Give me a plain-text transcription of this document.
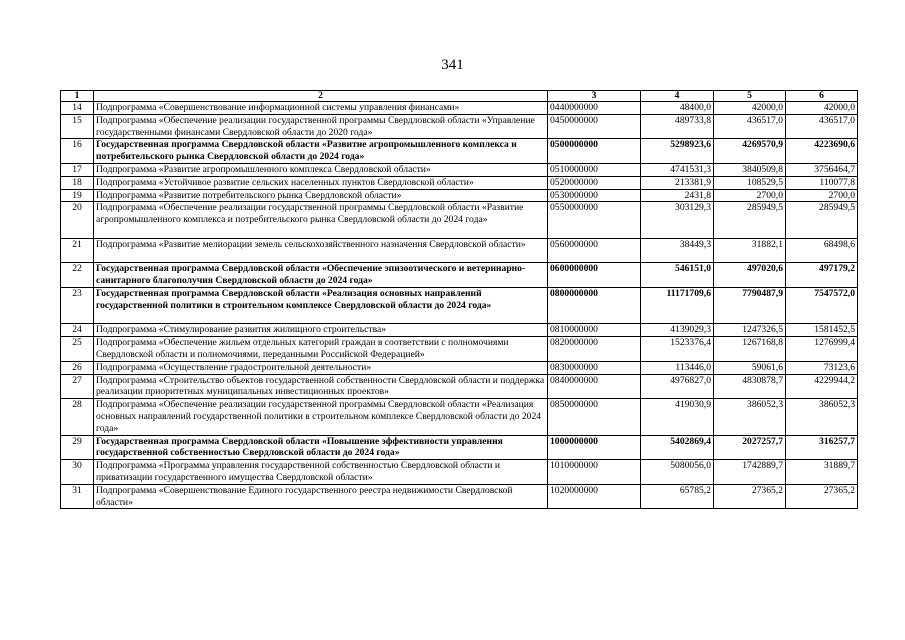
341
1	2	3	4	5	6
14	Подпрограмма «Совершенствование информационной системы управления финансами»	0440000000	48400,0	42000,0	42000,0
15	Подпрограмма «Обеспечение реализации государственной программы Свердловской области «Управление государственными финансами Свердловской области до 2020 года»	0450000000	489733,8	436517,0	436517,0
16	Государственная программа Свердловской области «Развитие агропромышленного комплекса и потребительского рынка Свердловской области до 2024 года»	0500000000	5298923,6	4269570,9	4223690,6
17	Подпрограмма «Развитие агропромышленного комплекса Свердловской области»	0510000000	4741531,3	3840509,8	3756464,7
18	Подпрограмма «Устойчивое развитие сельских населенных пунктов Свердловской области»	0520000000	213381,9	108529,5	110077,8
19	Подпрограмма «Развитие потребительского рынка Свердловской области»	0530000000	2431,8	2700,0	2700,0
20	Подпрограмма «Обеспечение реализации государственной программы Свердловской области «Развитие агропромышленного комплекса и потребительского рынка Свердловской области до 2024 года»	0550000000	303129,3	285949,5	285949,5
21	Подпрограмма «Развитие мелиорации земель сельскохозяйственного назначения Свердловской области»	0560000000	38449,3	31882,1	68498,6
22	Государственная программа Свердловской области «Обеспечение эпизоотического и ветеринарно-санитарного благополучия Свердловской области до 2024 года»	0600000000	546151,0	497020,6	497179,2
23	Государственная программа Свердловской области «Реализация основных направлений государственной политики в строительном комплексе Свердловской области до 2024 года»	0800000000	11171709,6	7790487,9	7547572,0
24	Подпрограмма «Стимулирование развития жилищного строительства»	0810000000	4139029,3	1247326,5	1581452,5
25	Подпрограмма «Обеспечение жильем отдельных категорий граждан в соответствии с полномочиями Свердловской области и полномочиями, переданными Российской Федерацией»	0820000000	1523376,4	1267168,8	1276999,4
26	Подпрограмма «Осуществление градостроительной деятельности»	0830000000	113446,0	59061,6	73123,6
27	Подпрограмма «Строительство объектов государственной собственности Свердловской области и поддержка реализации приоритетных муниципальных инвестиционных проектов»	0840000000	4976827,0	4830878,7	4229944,2
28	Подпрограмма «Обеспечение реализации государственной программы Свердловской области «Реализация основных направлений государственной политики в строительном комплексе Свердловской области до 2024 года»	0850000000	419030,9	386052,3	386052,3
29	Государственная программа Свердловской области «Повышение эффективности управления государственной собственностью Свердловской области до 2024 года»	1000000000	5402869,4	2027257,7	316257,7
30	Подпрограмма «Программа управления государственной собственностью Свердловской области и приватизации государственного имущества Свердловской области»	1010000000	5080056,0	1742889,7	31889,7
31	Подпрограмма «Совершенствование Единого государственного реестра недвижимости Свердловской области»	1020000000	65785,2	27365,2	27365,2
